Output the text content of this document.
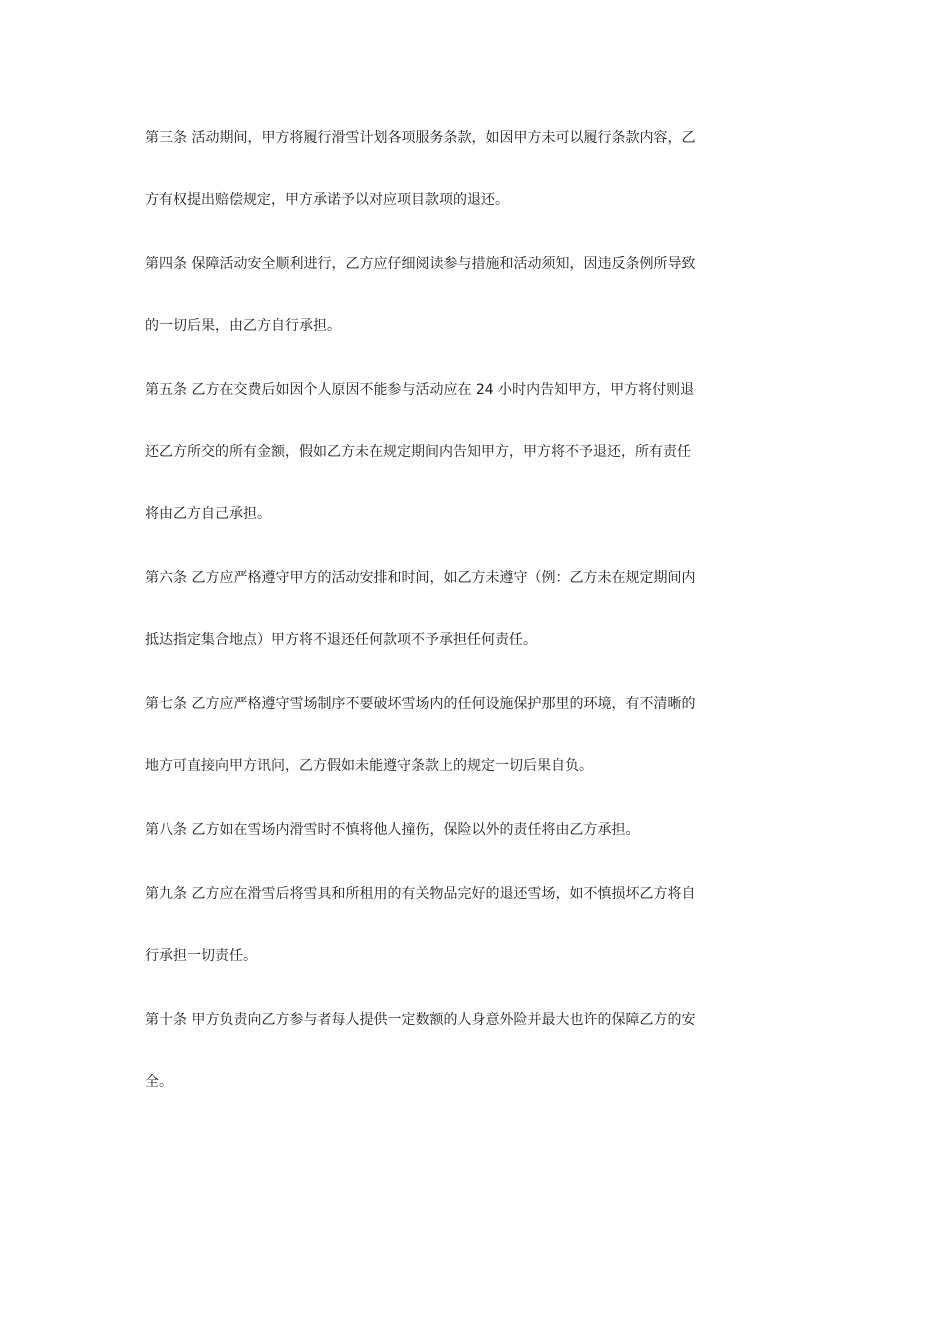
第三条 活动期间，甲方将履行滑雪计划各项服务条款，如因甲方未可以履行条款内容，乙
方有权提出赔偿规定，甲方承诺予以对应项目款项的退还。
第四条 保障活动安全顺利进行，乙方应仔细阅读参与措施和活动须知，因违反条例所导致
的一切后果，由乙方自行承担。
第五条 乙方在交费后如因个人原因不能参与活动应在 24 小时内告知甲方，甲方将付则退
还乙方所交的所有金额，假如乙方未在规定期间内告知甲方，甲方将不予退还，所有责任
将由乙方自己承担。
第六条 乙方应严格遵守甲方的活动安排和时间，如乙方未遵守（例：乙方未在规定期间内
抵达指定集合地点）甲方将不退还任何款项不予承担任何责任。
第七条 乙方应严格遵守雪场制序不要破坏雪场内的任何设施保护那里的环境，有不清晰的
地方可直接向甲方讯问，乙方假如未能遵守条款上的规定一切后果自负。
第八条 乙方如在雪场内滑雪时不慎将他人撞伤，保险以外的责任将由乙方承担。
第九条 乙方应在滑雪后将雪具和所租用的有关物品完好的退还雪场，如不慎损坏乙方将自
行承担一切责任。
第十条 甲方负责向乙方参与者每人提供一定数额的人身意外险并最大也许的保障乙方的安
全。
